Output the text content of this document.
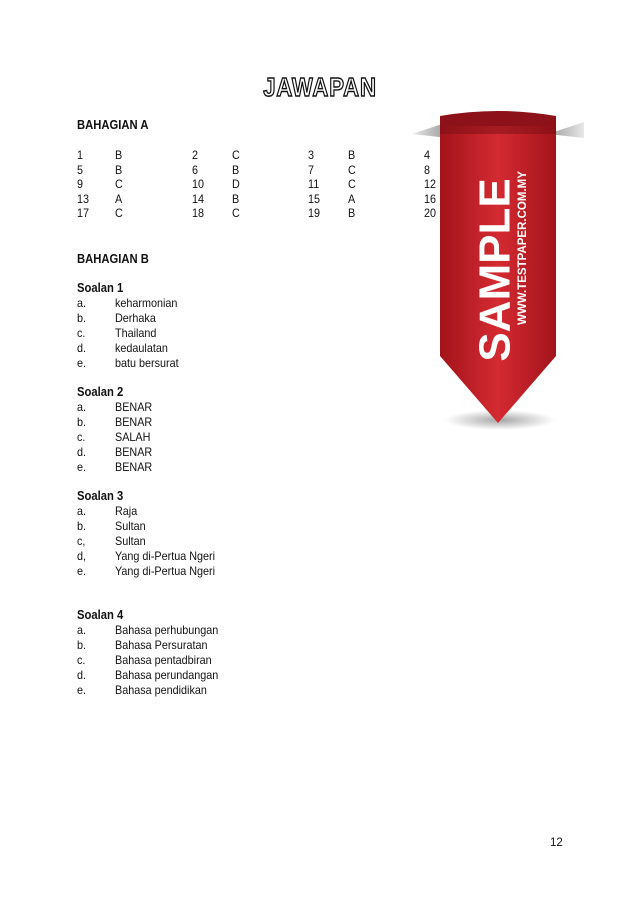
JAWAPAN
BAHAGIAN A
1	B	2	C	3	B	4
5	B	6	B	7	C	8
9	C	10 D	11 C	12
13 A	14 B	15 A	16
17 C	18 C	19 B	20
BAHAGIAN B
Soalan 1
a. keharmonian
b. Derhaka
c. Thailand
d. kedaulatan
e. batu bersurat
Soalan 2
a. BENAR
b. BENAR
c. SALAH
d. BENAR
e. BENAR
Soalan 3
a. Raja
b. Sultan
c, Sultan
d, Yang di-Pertua Ngeri
e. Yang di-Pertua Ngeri
Soalan 4
a. Bahasa perhubungan
b. Bahasa Persuratan
c. Bahasa pentadbiran
d. Bahasa perundangan
e. Bahasa pendidikan
SAMPLE
WWW.TESTPAPER.COM.MY
12
